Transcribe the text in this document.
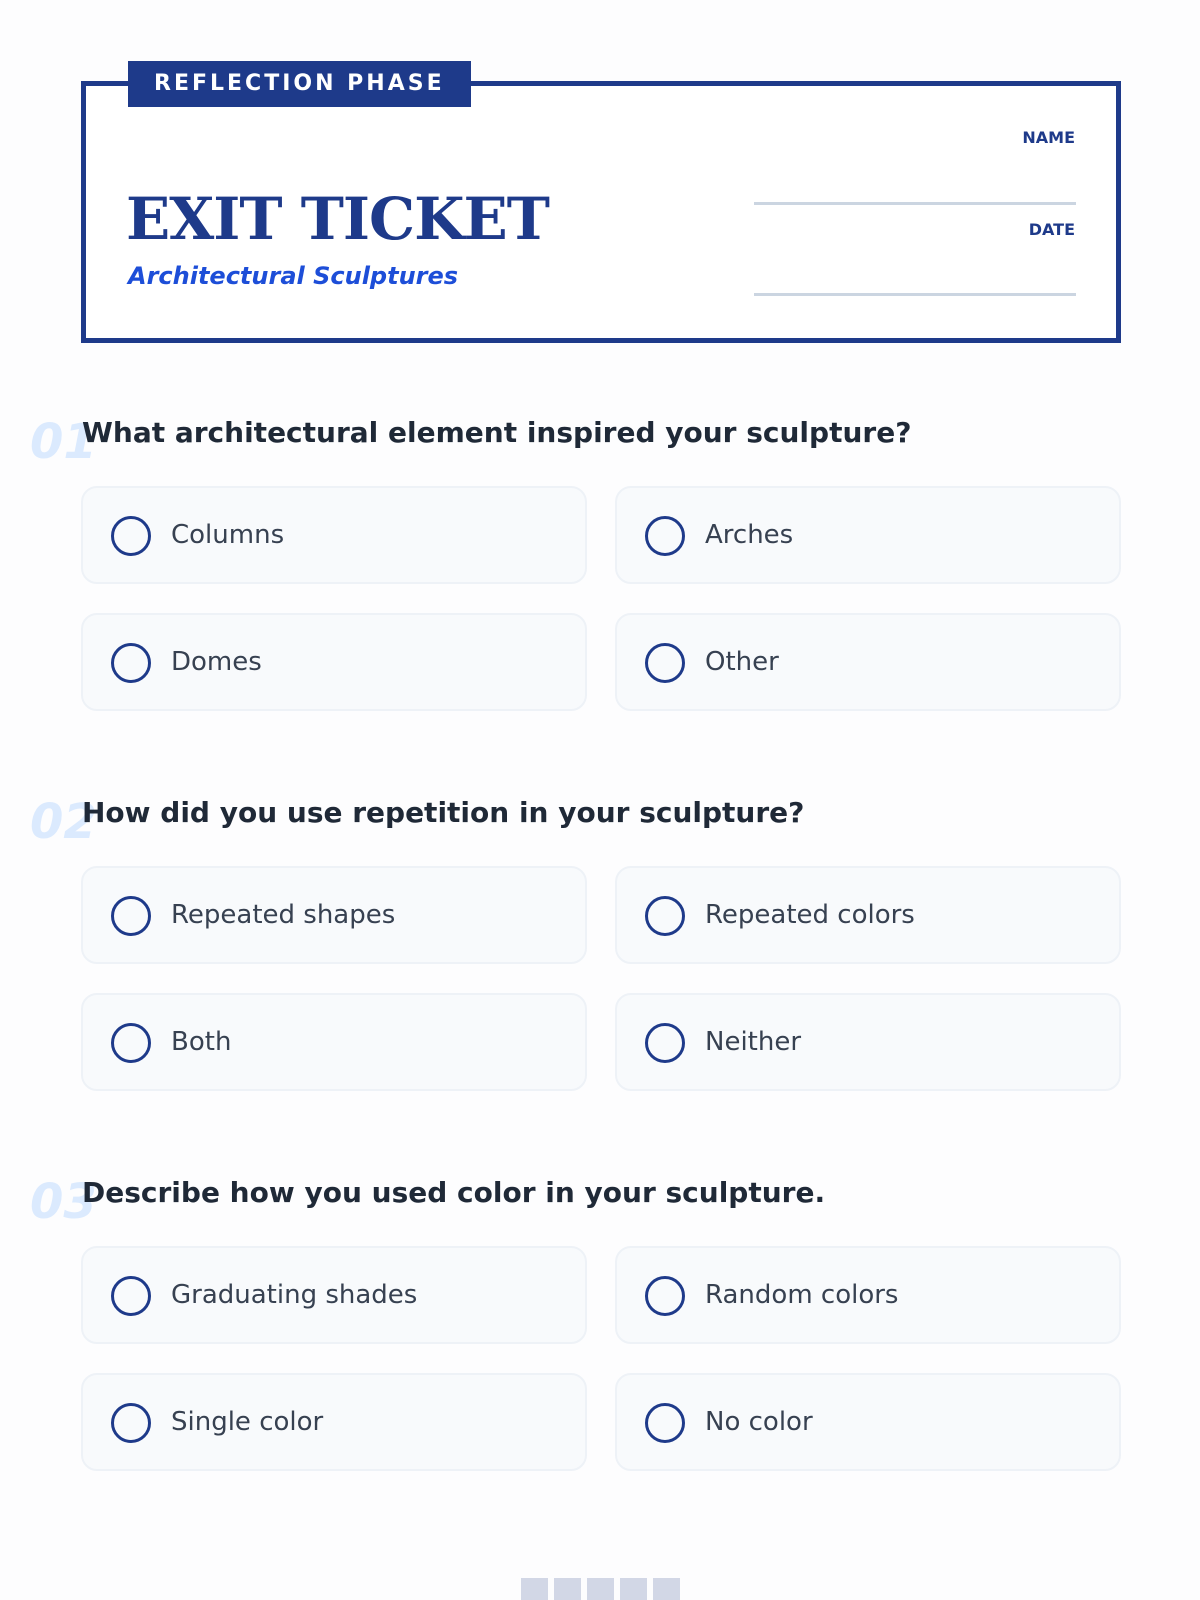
REFLECTION PHASE
EXIT TICKET
Architectural Sculptures
NAME
DATE
01
What architectural element inspired your sculpture?
Columns	Arches
Domes	Other
02
How did you use repetition in your sculpture?
Repeated shapes	Repeated colors
Both	Neither
03
Describe how you used color in your sculpture.
Graduating shades	Random colors
Single color	No color
